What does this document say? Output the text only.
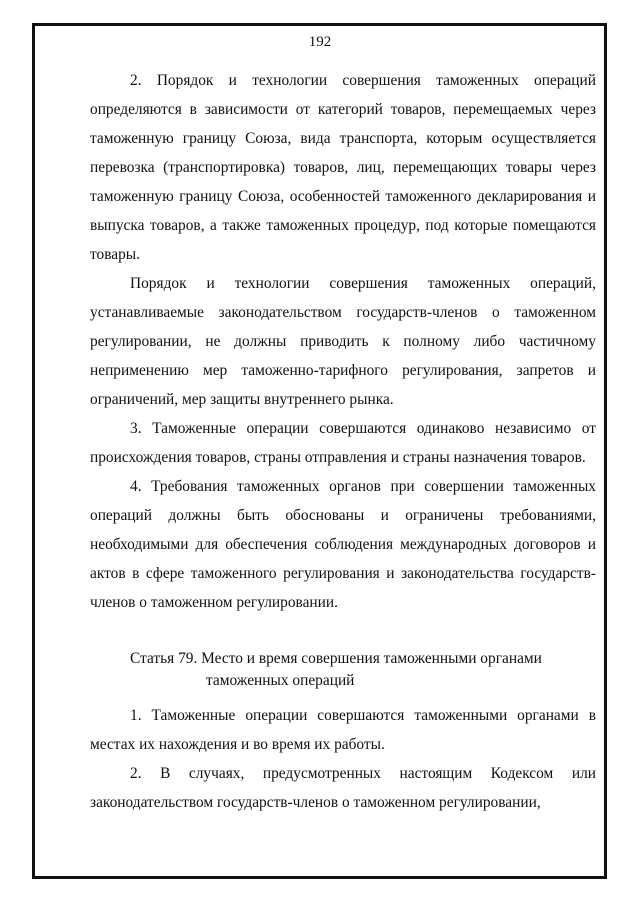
192

2. Порядок и технологии совершения таможенных операций определяются в зависимости от категорий товаров, перемещаемых через таможенную границу Союза, вида транспорта, которым осуществляется перевозка (транспортировка) товаров, лиц, перемещающих товары через таможенную границу Союза, особенностей таможенного декларирования и выпуска товаров, а также таможенных процедур, под которые помещаются товары.

Порядок и технологии совершения таможенных операций, устанавливаемые законодательством государств-членов о таможенном регулировании, не должны приводить к полному либо частичному неприменению мер таможенно-тарифного регулирования, запретов и ограничений, мер защиты внутреннего рынка.

3. Таможенные операции совершаются одинаково независимо от происхождения товаров, страны отправления и страны назначения товаров.

4. Требования таможенных органов при совершении таможенных операций должны быть обоснованы и ограничены требованиями, необходимыми для обеспечения соблюдения международных договоров и актов в сфере таможенного регулирования и законодательства государств-членов о таможенном регулировании.

Статья 79. Место и время совершения таможенными органами
таможенных операций

1. Таможенные операции совершаются таможенными органами в местах их нахождения и во время их работы.

2. В случаях, предусмотренных настоящим Кодексом или законодательством государств-членов о таможенном регулировании,
